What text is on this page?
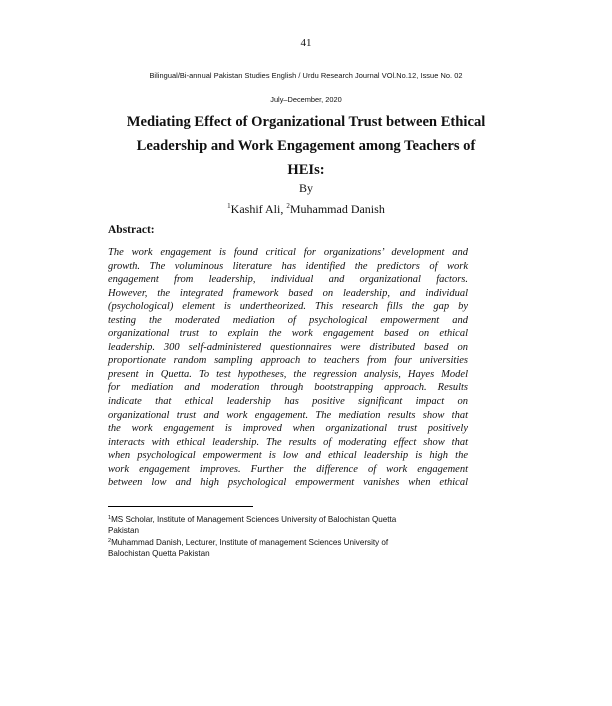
41
Bilingual/Bi-annual Pakistan Studies English / Urdu Research Journal VOl.No.12, Issue No. 02
July–December, 2020
Mediating Effect of Organizational Trust between Ethical
Leadership and Work Engagement among Teachers of
HEIs:
By
$^1$Kashif Ali, $^2$Muhammad Danish
Abstract:
The work engagement is found critical for organizations’ development and
growth. The voluminous literature has identified the predictors of work
engagement from leadership, individual and organizational factors.
However, the integrated framework based on leadership, and individual
(psychological) element is undertheorized. This research fills the gap by
testing the moderated mediation of psychological empowerment and
organizational trust to explain the work engagement based on ethical
leadership. 300 self-administered questionnaires were distributed based on
proportionate random sampling approach to teachers from four universities
present in Quetta. To test hypotheses, the regression analysis, Hayes Model
for mediation and moderation through bootstrapping approach. Results
indicate that ethical leadership has positive significant impact on
organizational trust and work engagement. The mediation results show that
the work engagement is improved when organizational trust positively
interacts with ethical leadership. The results of moderating effect show that
when psychological empowerment is low and ethical leadership is high the
work engagement improves. Further the difference of work engagement
between low and high psychological empowerment vanishes when ethical
$^1$MS Scholar, Institute of Management Sciences University of Balochistan Quetta
Pakistan
$^2$Muhammad Danish, Lecturer, Institute of management Sciences University of
Balochistan Quetta Pakistan
